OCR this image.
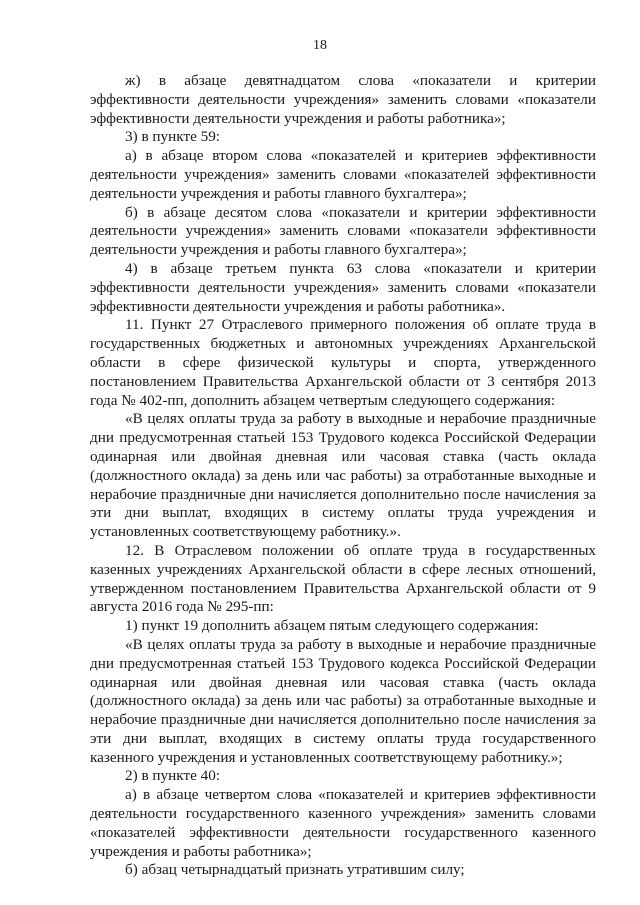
18

ж) в абзаце девятнадцатом слова «показатели и критерии эффективности деятельности учреждения» заменить словами «показатели эффективности деятельности учреждения и работы работника»;

3) в пункте 59:

а) в абзаце втором слова «показателей и критериев эффективности деятельности учреждения» заменить словами «показателей эффективности деятельности учреждения и работы главного бухгалтера»;

б) в абзаце десятом слова «показатели и критерии эффективности деятельности учреждения» заменить словами «показатели эффективности деятельности учреждения и работы главного бухгалтера»;

4) в абзаце третьем пункта 63 слова «показатели и критерии эффективности деятельности учреждения» заменить словами «показатели эффективности деятельности учреждения и работы работника».

11. Пункт 27 Отраслевого примерного положения об оплате труда в государственных бюджетных и автономных учреждениях Архангельской области в сфере физической культуры и спорта, утвержденного постановлением Правительства Архангельской области от 3 сентября 2013 года № 402-пп, дополнить абзацем четвертым следующего содержания:

«В целях оплаты труда за работу в выходные и нерабочие праздничные дни предусмотренная статьей 153 Трудового кодекса Российской Федерации одинарная или двойная дневная или часовая ставка (часть оклада (должностного оклада) за день или час работы) за отработанные выходные и нерабочие праздничные дни начисляется дополнительно после начисления за эти дни выплат, входящих в систему оплаты труда учреждения и установленных соответствующему работнику.».

12. В Отраслевом положении об оплате труда в государственных казенных учреждениях Архангельской области в сфере лесных отношений, утвержденном постановлением Правительства Архангельской области от 9 августа 2016 года № 295-пп:

1) пункт 19 дополнить абзацем пятым следующего содержания:

«В целях оплаты труда за работу в выходные и нерабочие праздничные дни предусмотренная статьей 153 Трудового кодекса Российской Федерации одинарная или двойная дневная или часовая ставка (часть оклада (должностного оклада) за день или час работы) за отработанные выходные и нерабочие праздничные дни начисляется дополнительно после начисления за эти дни выплат, входящих в систему оплаты труда государственного казенного учреждения и установленных соответствующему работнику.»;

2) в пункте 40:

а) в абзаце четвертом слова «показателей и критериев эффективности деятельности государственного казенного учреждения» заменить словами «показателей эффективности деятельности государственного казенного учреждения и работы работника»;

б) абзац четырнадцатый признать утратившим силу;
